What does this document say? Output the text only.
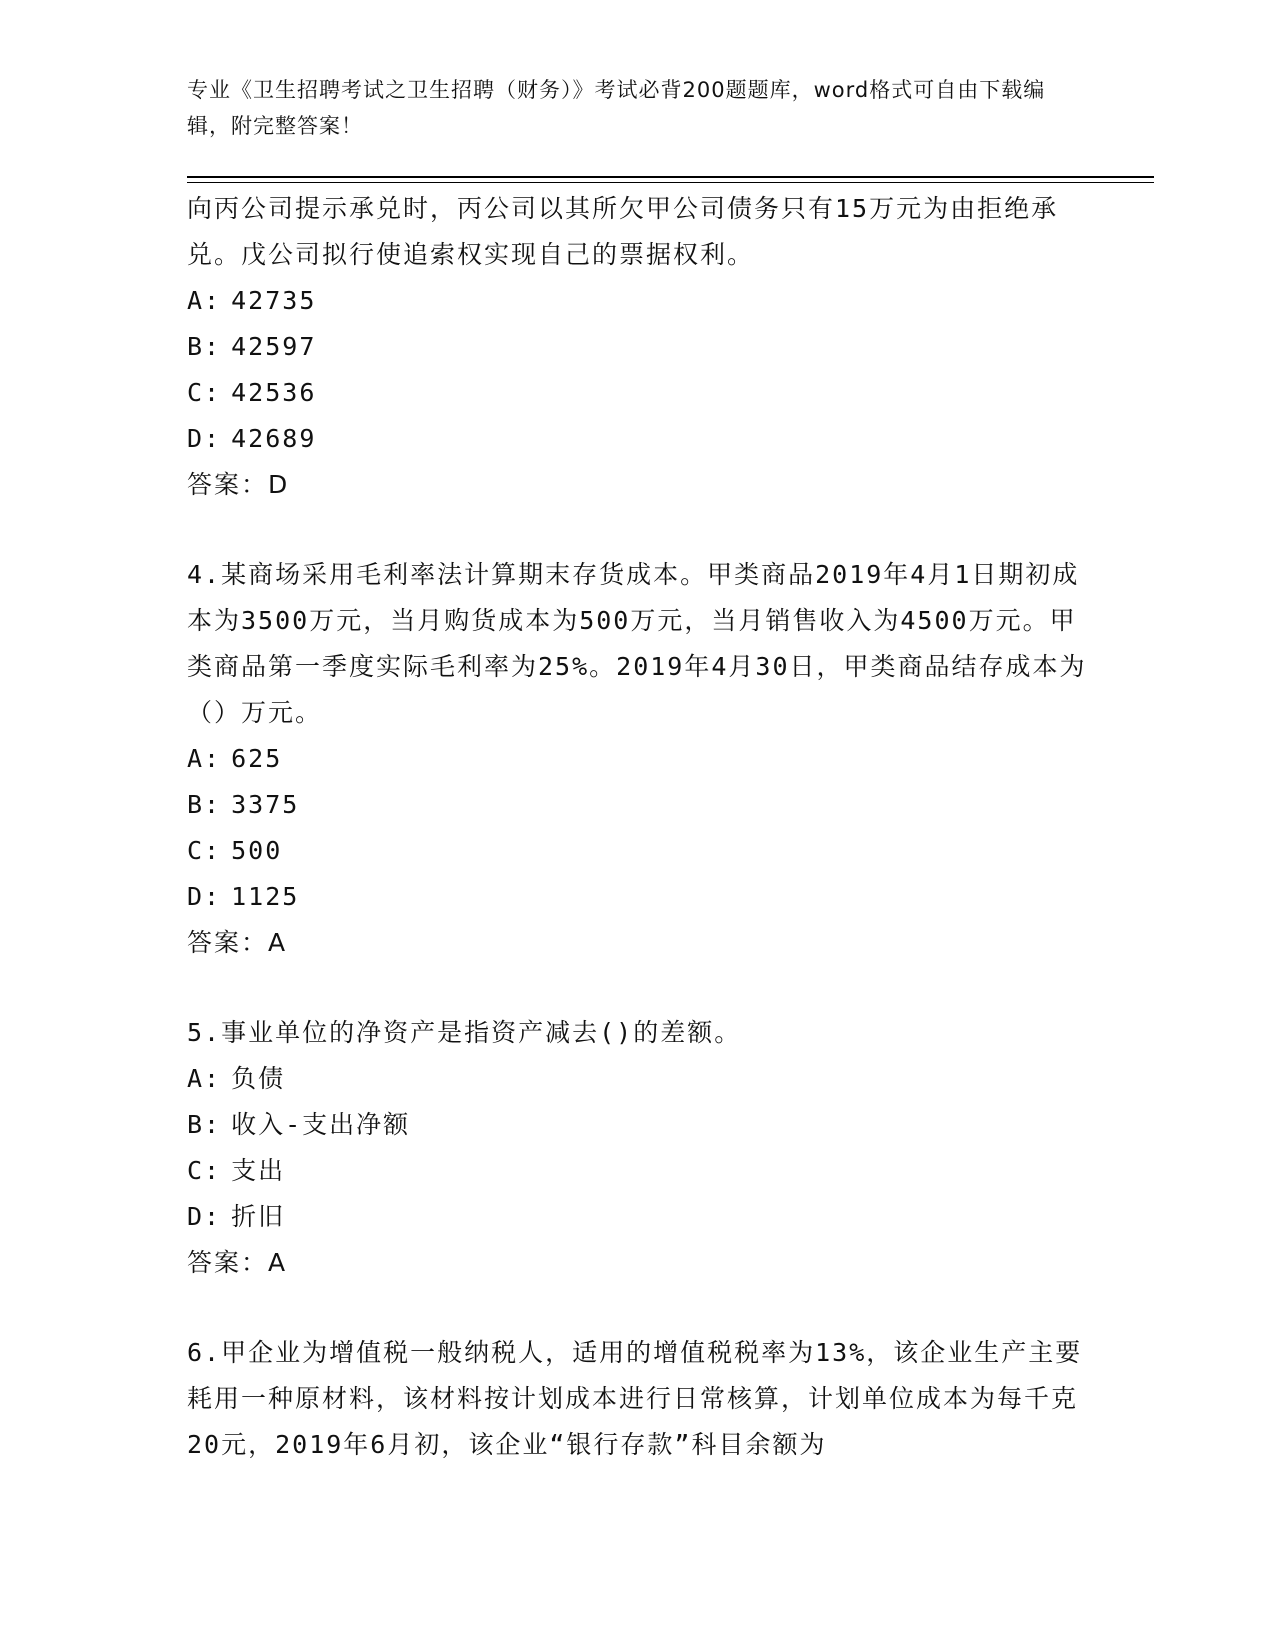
专业《卫生招聘考试之卫生招聘（财务）》考试必背200题题库，word格式可自由下载编辑，附完整答案！

向丙公司提示承兑时，丙公司以其所欠甲公司债务只有15万元为由拒绝承兑。戊公司拟行使追索权实现自己的票据权利。

A: 42735
B: 42597
C: 42536
D: 42689
答案：D

4.某商场采用毛利率法计算期末存货成本。甲类商品2019年4月1日期初成本为3500万元，当月购货成本为500万元，当月销售收入为4500万元。甲类商品第一季度实际毛利率为25%。2019年4月30日，甲类商品结存成本为（）万元。

A: 625
B: 3375
C: 500
D: 1125
答案：A

5.事业单位的净资产是指资产减去()的差额。

A: 负债
B: 收入-支出净额
C: 支出
D: 折旧
答案：A

6.甲企业为增值税一般纳税人，适用的增值税税率为13%，该企业生产主要耗用一种原材料，该材料按计划成本进行日常核算，计划单位成本为每千克20元，2019年6月初，该企业“银行存款”科目余额为
